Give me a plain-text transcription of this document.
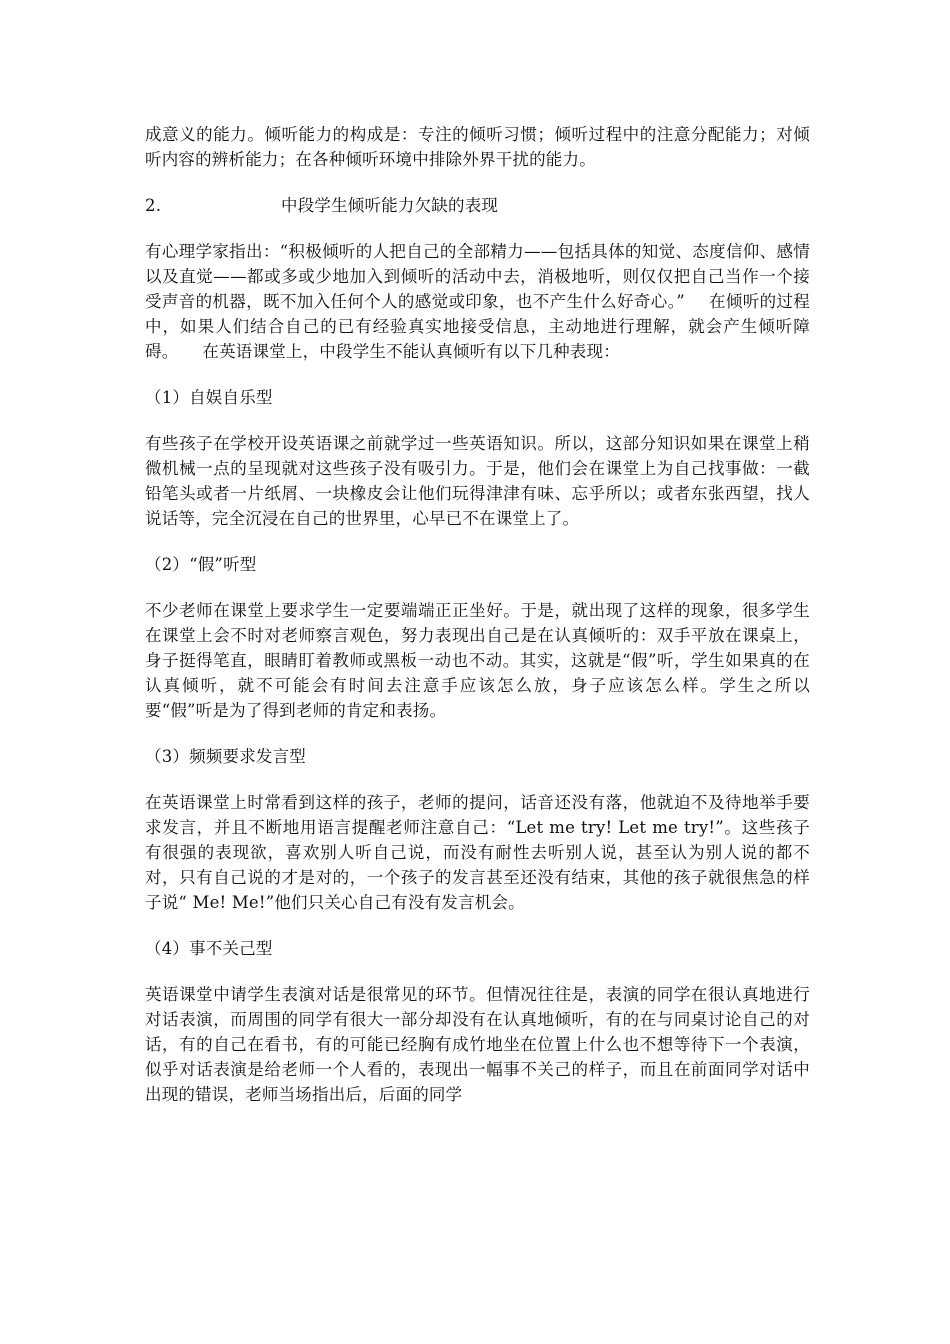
成意义的能力。倾听能力的构成是：专注的倾听习惯；倾听过程中的注意分配能力；对倾听内容的辨析能力；在各种倾听环境中排除外界干扰的能力。

2.	中段学生倾听能力欠缺的表现

有心理学家指出：“积极倾听的人把自己的全部精力——包括具体的知觉、态度信仰、感情以及直觉——都或多或少地加入到倾听的活动中去，消极地听，则仅仅把自己当作一个接受声音的机器，既不加入任何个人的感觉或印象，也不产生什么好奇心。” 在倾听的过程中，如果人们结合自己的已有经验真实地接受信息，主动地进行理解，就会产生倾听障碍。 在英语课堂上，中段学生不能认真倾听有以下几种表现：

（1）自娱自乐型

有些孩子在学校开设英语课之前就学过一些英语知识。所以，这部分知识如果在课堂上稍微机械一点的呈现就对这些孩子没有吸引力。于是，他们会在课堂上为自己找事做：一截铅笔头或者一片纸屑、一块橡皮会让他们玩得津津有味、忘乎所以；或者东张西望，找人说话等，完全沉浸在自己的世界里，心早已不在课堂上了。

（2）“假”听型

不少老师在课堂上要求学生一定要端端正正坐好。于是，就出现了这样的现象，很多学生在课堂上会不时对老师察言观色，努力表现出自己是在认真倾听的：双手平放在课桌上，身子挺得笔直，眼睛盯着教师或黑板一动也不动。其实，这就是“假”听，学生如果真的在认真倾听，就不可能会有时间去注意手应该怎么放，身子应该怎么样。学生之所以要“假”听是为了得到老师的肯定和表扬。

（3）频频要求发言型

在英语课堂上时常看到这样的孩子，老师的提问，话音还没有落，他就迫不及待地举手要求发言，并且不断地用语言提醒老师注意自己：“Let me try! Let me try!”。这些孩子有很强的表现欲，喜欢别人听自己说，而没有耐性去听别人说，甚至认为别人说的都不对，只有自己说的才是对的，一个孩子的发言甚至还没有结束，其他的孩子就很焦急的样子说“ Me! Me!”他们只关心自己有没有发言机会。

（4）事不关己型

英语课堂中请学生表演对话是很常见的环节。但情况往往是，表演的同学在很认真地进行对话表演，而周围的同学有很大一部分却没有在认真地倾听，有的在与同桌讨论自己的对话，有的自己在看书，有的可能已经胸有成竹地坐在位置上什么也不想等待下一个表演，似乎对话表演是给老师一个人看的，表现出一幅事不关己的样子，而且在前面同学对话中出现的错误，老师当场指出后，后面的同学
